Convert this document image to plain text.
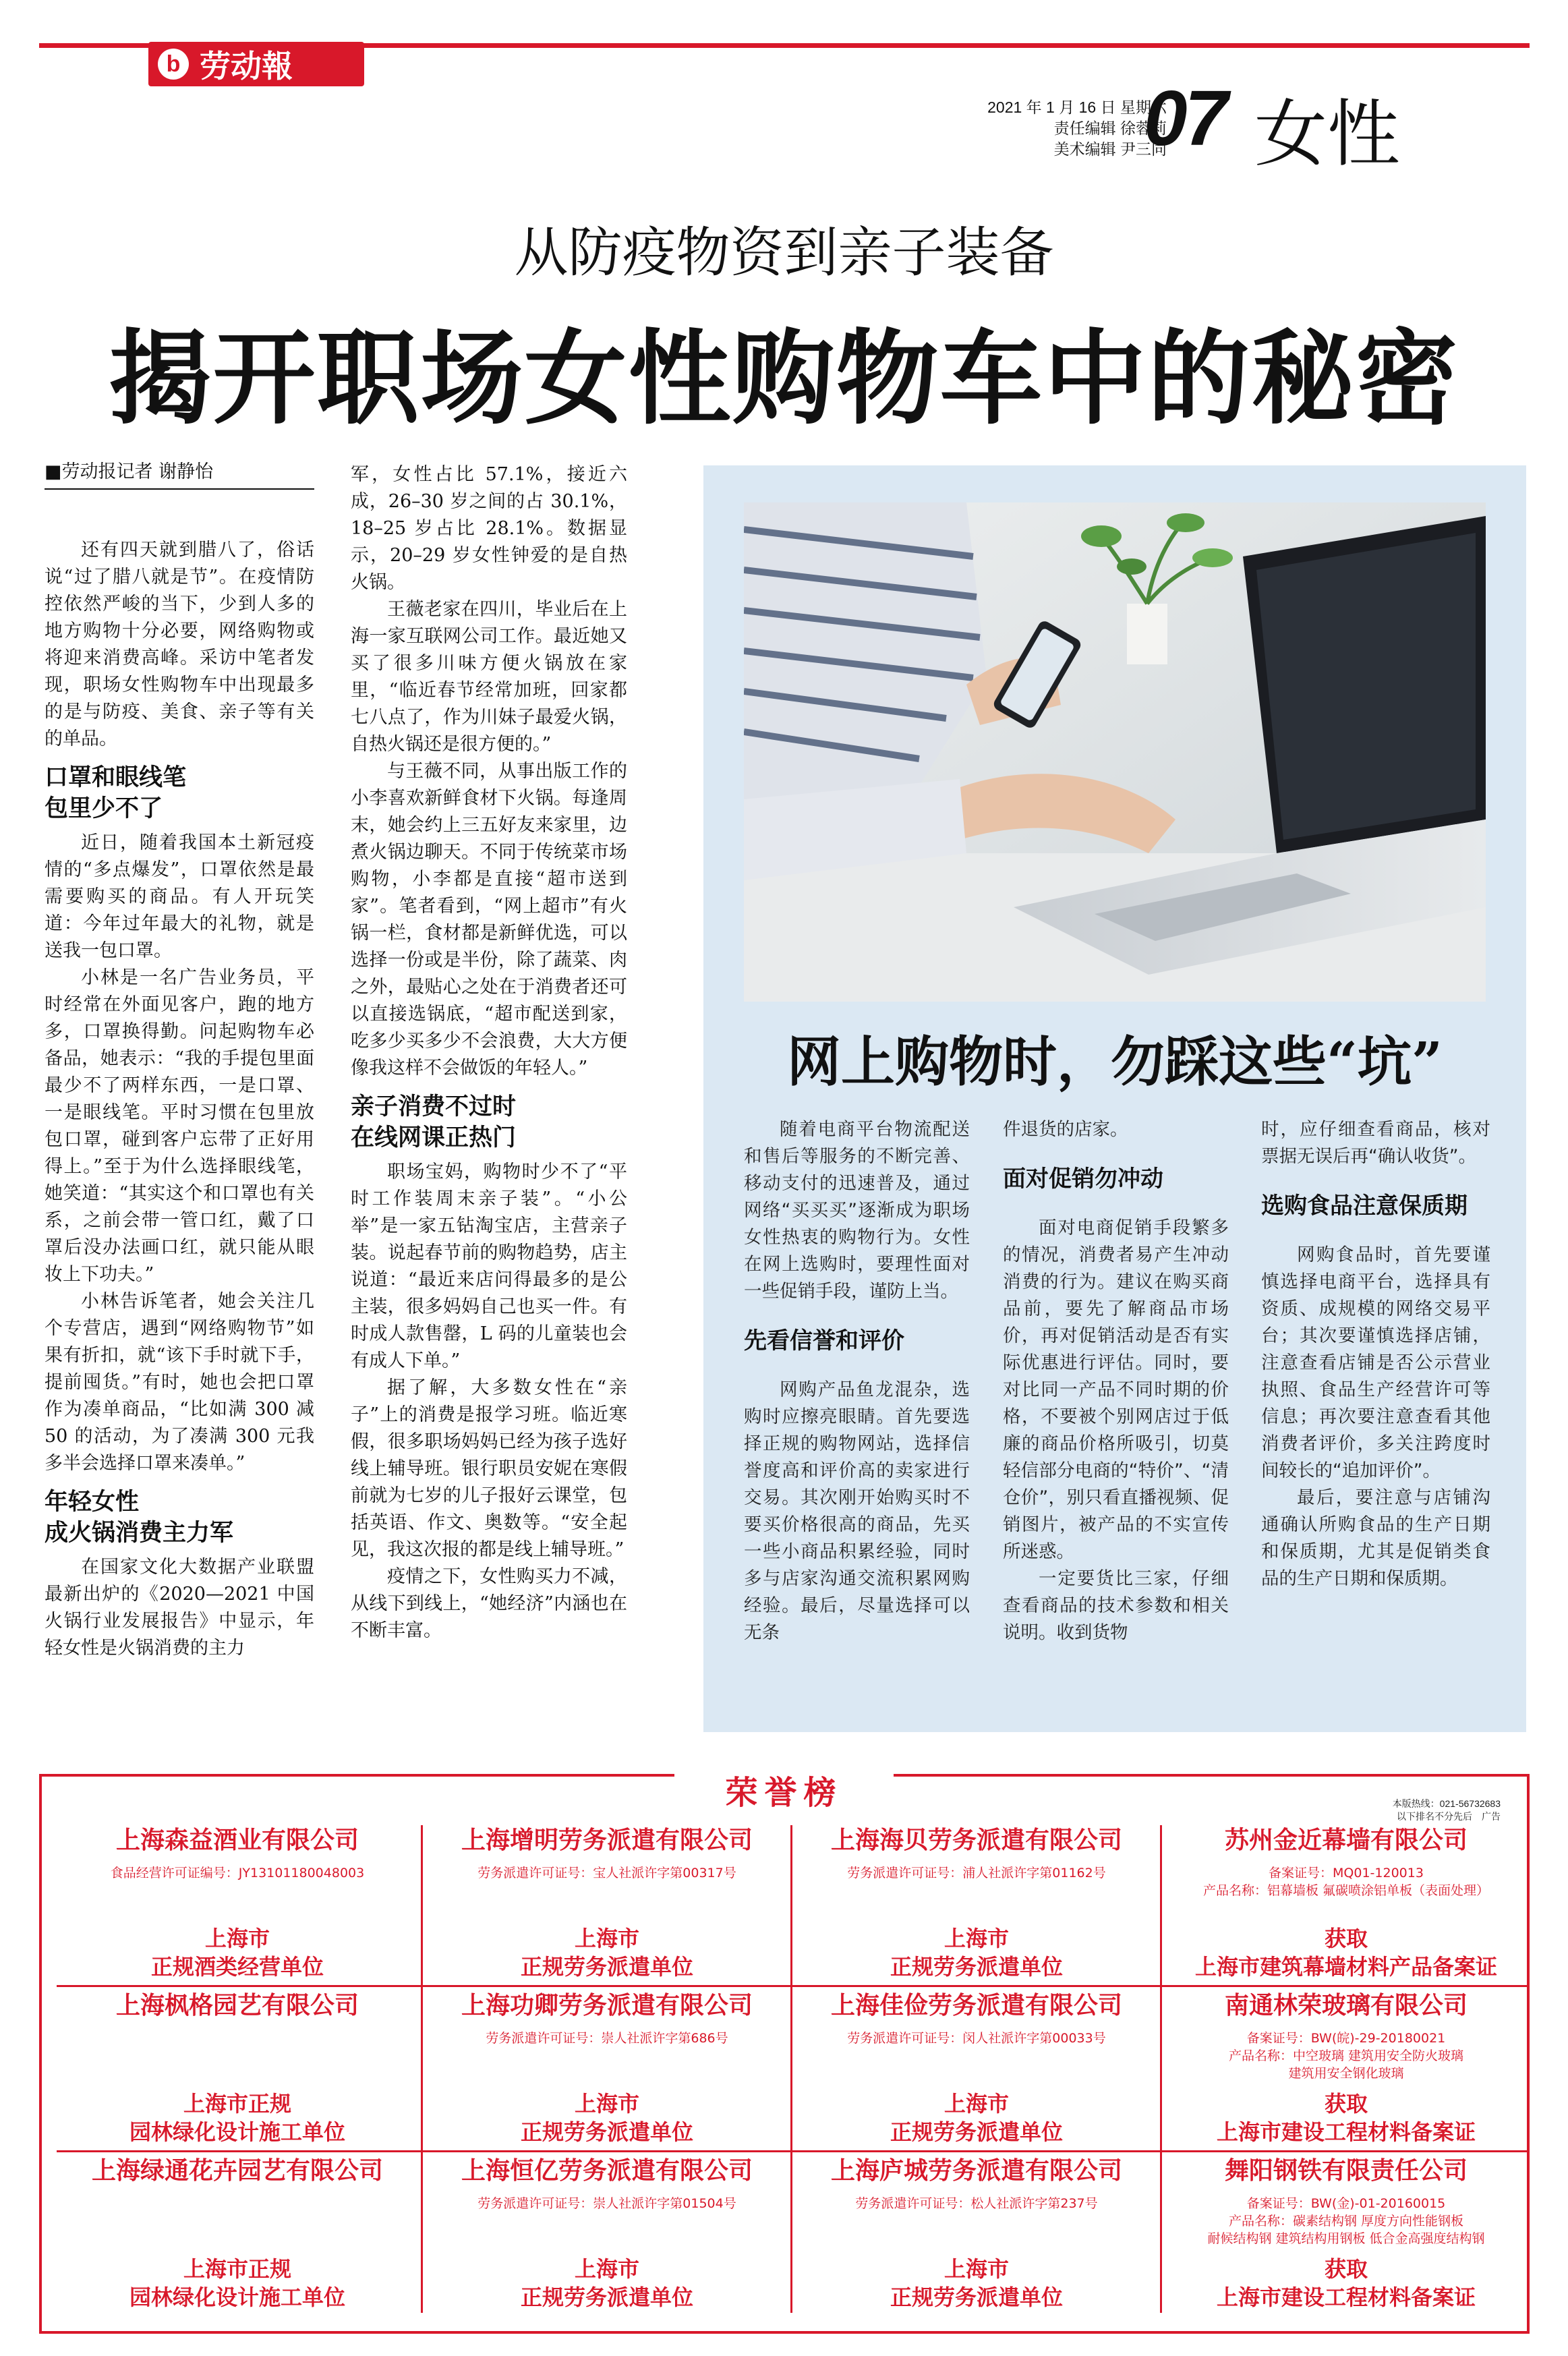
b 劳动報
2021 年 1 月 16 日 星期六
责任编辑 徐蓉莉
美术编辑 尹三同
07 女性
从防疫物资到亲子装备
揭开职场女性购物车中的秘密
■劳动报记者 谢静怡

还有四天就到腊八了，俗话说“过了腊八就是节”。在疫情防控依然严峻的当下，少到人多的地方购物十分必要，网络购物或将迎来消费高峰。采访中笔者发现，职场女性购物车中出现最多的是与防疫、美食、亲子等有关的单品。

口罩和眼线笔
包里少不了

近日，随着我国本土新冠疫情的“多点爆发”，口罩依然是最需要购买的商品。有人开玩笑道：今年过年最大的礼物，就是送我一包口罩。

小林是一名广告业务员，平时经常在外面见客户，跑的地方多，口罩换得勤。问起购物车必备品，她表示：“我的手提包里面最少不了两样东西，一是口罩、一是眼线笔。平时习惯在包里放包口罩，碰到客户忘带了正好用得上。”至于为什么选择眼线笔，她笑道：“其实这个和口罩也有关系，之前会带一管口红，戴了口罩后没办法画口红，就只能从眼妆上下功夫。”

小林告诉笔者，她会关注几个专营店，遇到“网络购物节”如果有折扣，就“该下手时就下手，提前囤货。”有时，她也会把口罩作为凑单商品，“比如满 300 减 50 的活动，为了凑满 300 元我多半会选择口罩来凑单。”

年轻女性
成火锅消费主力军

在国家文化大数据产业联盟最新出炉的《2020—2021 中国火锅行业发展报告》中显示，年轻女性是火锅消费的主力

军，女性占比 57.1%，接近六成，26–30 岁之间的占 30.1%，18–25 岁占比 28.1%。数据显示，20–29 岁女性钟爱的是自热火锅。

王薇老家在四川，毕业后在上海一家互联网公司工作。最近她又买了很多川味方便火锅放在家里，“临近春节经常加班，回家都七八点了，作为川妹子最爱火锅，自热火锅还是很方便的。”

与王薇不同，从事出版工作的小李喜欢新鲜食材下火锅。每逢周末，她会约上三五好友来家里，边煮火锅边聊天。不同于传统菜市场购物，小李都是直接“超市送到家”。笔者看到，“网上超市”有火锅一栏，食材都是新鲜优选，可以选择一份或是半份，除了蔬菜、肉之外，最贴心之处在于消费者还可以直接选锅底，“超市配送到家，吃多少买多少不会浪费，大大方便像我这样不会做饭的年轻人。”

亲子消费不过时
在线网课正热门

职场宝妈，购物时少不了“平时工作装周末亲子装”。“小公举”是一家五钻淘宝店，主营亲子装。说起春节前的购物趋势，店主说道：“最近来店问得最多的是公主装，很多妈妈自己也买一件。有时成人款售罄，L 码的儿童装也会有成人下单。”

据了解，大多数女性在“亲子”上的消费是报学习班。临近寒假，很多职场妈妈已经为孩子选好线上辅导班。银行职员安妮在寒假前就为七岁的儿子报好云课堂，包括英语、作文、奥数等。“安全起见，我这次报的都是线上辅导班。”

疫情之下，女性购买力不减，从线下到线上，“她经济”内涵也在不断丰富。

网上购物时，勿踩这些“坑”

随着电商平台物流配送和售后等服务的不断完善、移动支付的迅速普及，通过网络“买买买”逐渐成为职场女性热衷的购物行为。女性在网上选购时，要理性面对一些促销手段，谨防上当。

先看信誉和评价

网购产品鱼龙混杂，选购时应擦亮眼睛。首先要选择正规的购物网站，选择信誉度高和评价高的卖家进行交易。其次刚开始购买时不要买价格很高的商品，先买一些小商品积累经验，同时多与店家沟通交流积累网购经验。最后，尽量选择可以无条

件退货的店家。

面对促销勿冲动

面对电商促销手段繁多的情况，消费者易产生冲动消费的行为。建议在购买商品前，要先了解商品市场价，再对促销活动是否有实际优惠进行评估。同时，要对比同一产品不同时期的价格，不要被个别网店过于低廉的商品价格所吸引，切莫轻信部分电商的“特价”、“清仓价”，别只看直播视频、促销图片，被产品的不实宣传所迷惑。

一定要货比三家，仔细查看商品的技术参数和相关说明。收到货物

时，应仔细查看商品，核对票据无误后再“确认收货”。

选购食品注意保质期

网购食品时，首先要谨慎选择电商平台，选择具有资质、成规模的网络交易平台；其次要谨慎选择店铺，注意查看店铺是否公示营业执照、食品生产经营许可等信息；再次要注意查看其他消费者评价，多关注跨度时间较长的“追加评价”。

最后，要注意与店铺沟通确认所购食品的生产日期和保质期，尤其是促销类食品的生产日期和保质期。

荣誉榜	本版热线：021-56732683
以下排名不分先后　广告
上海森益酒业有限公司
食品经营许可证编号：JY13101180048003
上海市
正规酒类经营单位
上海增明劳务派遣有限公司
劳务派遣许可证号：宝人社派许字第00317号
上海市
正规劳务派遣单位
上海海贝劳务派遣有限公司
劳务派遣许可证号：浦人社派许字第01162号
上海市
正规劳务派遣单位
苏州金近幕墙有限公司
备案证号：MQ01-120013
产品名称：铝幕墙板 氟碳喷涂铝单板（表面处理）
获取
上海市建筑幕墙材料产品备案证
上海枫格园艺有限公司
上海市正规
园林绿化设计施工单位
上海功卿劳务派遣有限公司
劳务派遣许可证号：崇人社派许字第686号
上海市
正规劳务派遣单位
上海佳俭劳务派遣有限公司
劳务派遣许可证号：闵人社派许字第00033号
上海市
正规劳务派遣单位
南通林荣玻璃有限公司
备案证号：BW(皖)-29-20180021
产品名称：中空玻璃 建筑用安全防火玻璃
建筑用安全钢化玻璃
获取
上海市建设工程材料备案证
上海绿通花卉园艺有限公司
上海市正规
园林绿化设计施工单位
上海恒亿劳务派遣有限公司
劳务派遣许可证号：崇人社派许字第01504号
上海市
正规劳务派遣单位
上海庐城劳务派遣有限公司
劳务派遣许可证号：松人社派许字第237号
上海市
正规劳务派遣单位
舞阳钢铁有限责任公司
备案证号：BW(金)-01-20160015
产品名称：碳素结构钢 厚度方向性能钢板
耐候结构钢 建筑结构用钢板 低合金高强度结构钢
获取
上海市建设工程材料备案证
